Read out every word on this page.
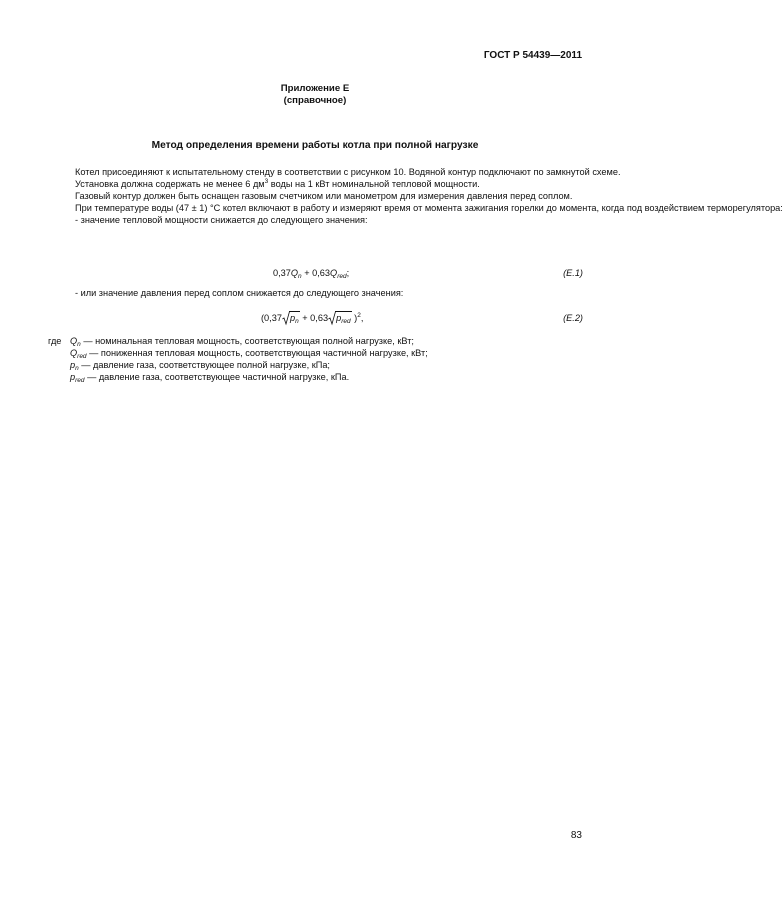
ГОСТ Р 54439—2011
Приложение Е
(справочное)
Метод определения времени работы котла при полной нагрузке

Котел присоединяют к испытательному стенду в соответствии с рисунком 10. Водяной контур подключают по замкнутой схеме.

Установка должна содержать не менее 6 $дм^3$ воды на 1 кВт номинальной тепловой мощности.

Газовый контур должен быть оснащен газовым счетчиком или манометром для измерения давления перед соплом.

При температуре воды (47 ± 1) °С котел включают в работу и измеряют время от момента зажигания горелки до момента, когда под воздействием терморегулятора:

- значение тепловой мощности снижается до следующего значения:

$0,37Q_n + 0,63Q_{red}$;	(Е.1)

- или значение давления перед соплом снижается до следующего значения:

(0,37 $p_n + 0,63$ $p_{red}$ )$^2$,	(Е.2)
где $Q_n$ — номинальная тепловая мощность, соответствующая полной нагрузке, кВт;
$Q_{red}$ — пониженная тепловая мощность, соответствующая частичной нагрузке, кВт;
$p_n$ — давление газа, соответствующее полной нагрузке, кПа;
$p_{red}$ — давление газа, соответствующее частичной нагрузке, кПа.
83
